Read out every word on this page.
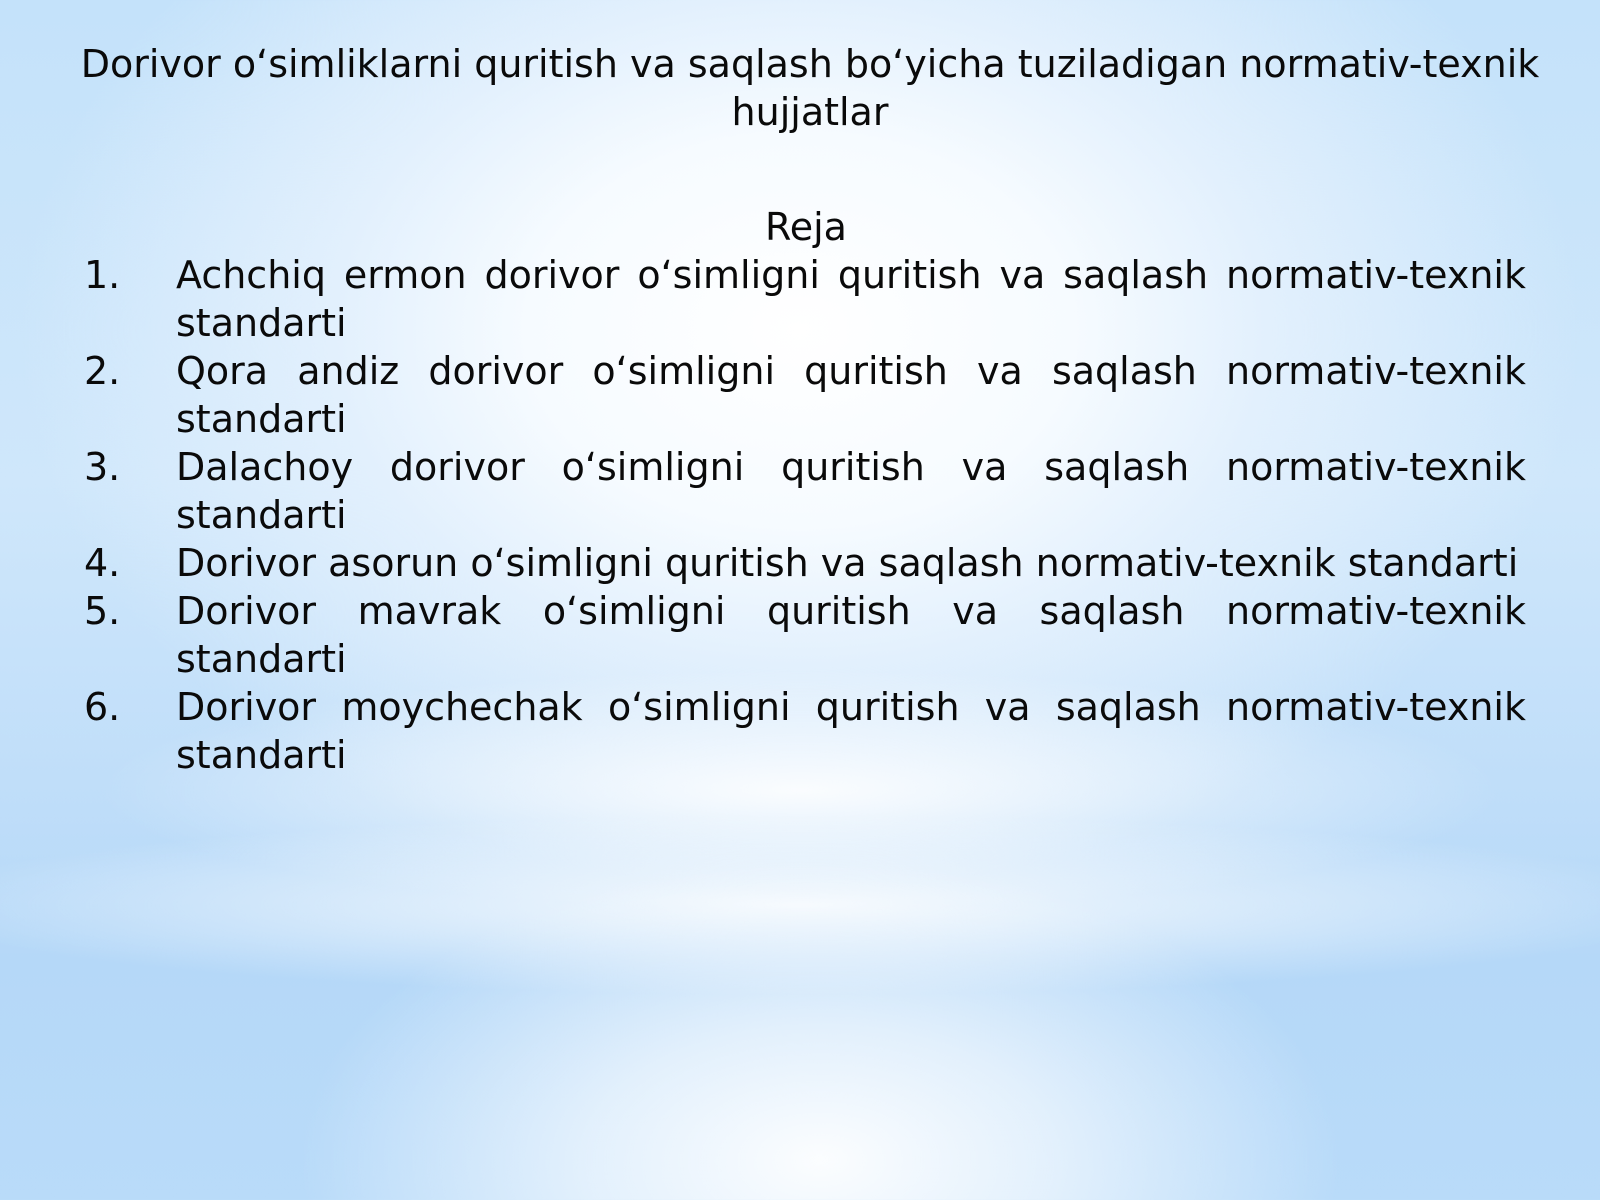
Dorivor o‘simliklarni quritish va saqlash bo‘yicha tuziladigan normativ-texnik hujjatlar
Reja
1. Achchiq ermon dorivor o‘simligni quritish va saqlash normativ-texnik standarti
2. Qora andiz dorivor o‘simligni quritish va saqlash normativ-texnik standarti
3. Dalachoy dorivor o‘simligni quritish va saqlash normativ-texnik standarti
4. Dorivor asorun o‘simligni quritish va saqlash normativ-texnik standarti
5. Dorivor mavrak o‘simligni quritish va saqlash normativ-texnik standarti
6. Dorivor moychechak o‘simligni quritish va saqlash normativ-texnik standarti
